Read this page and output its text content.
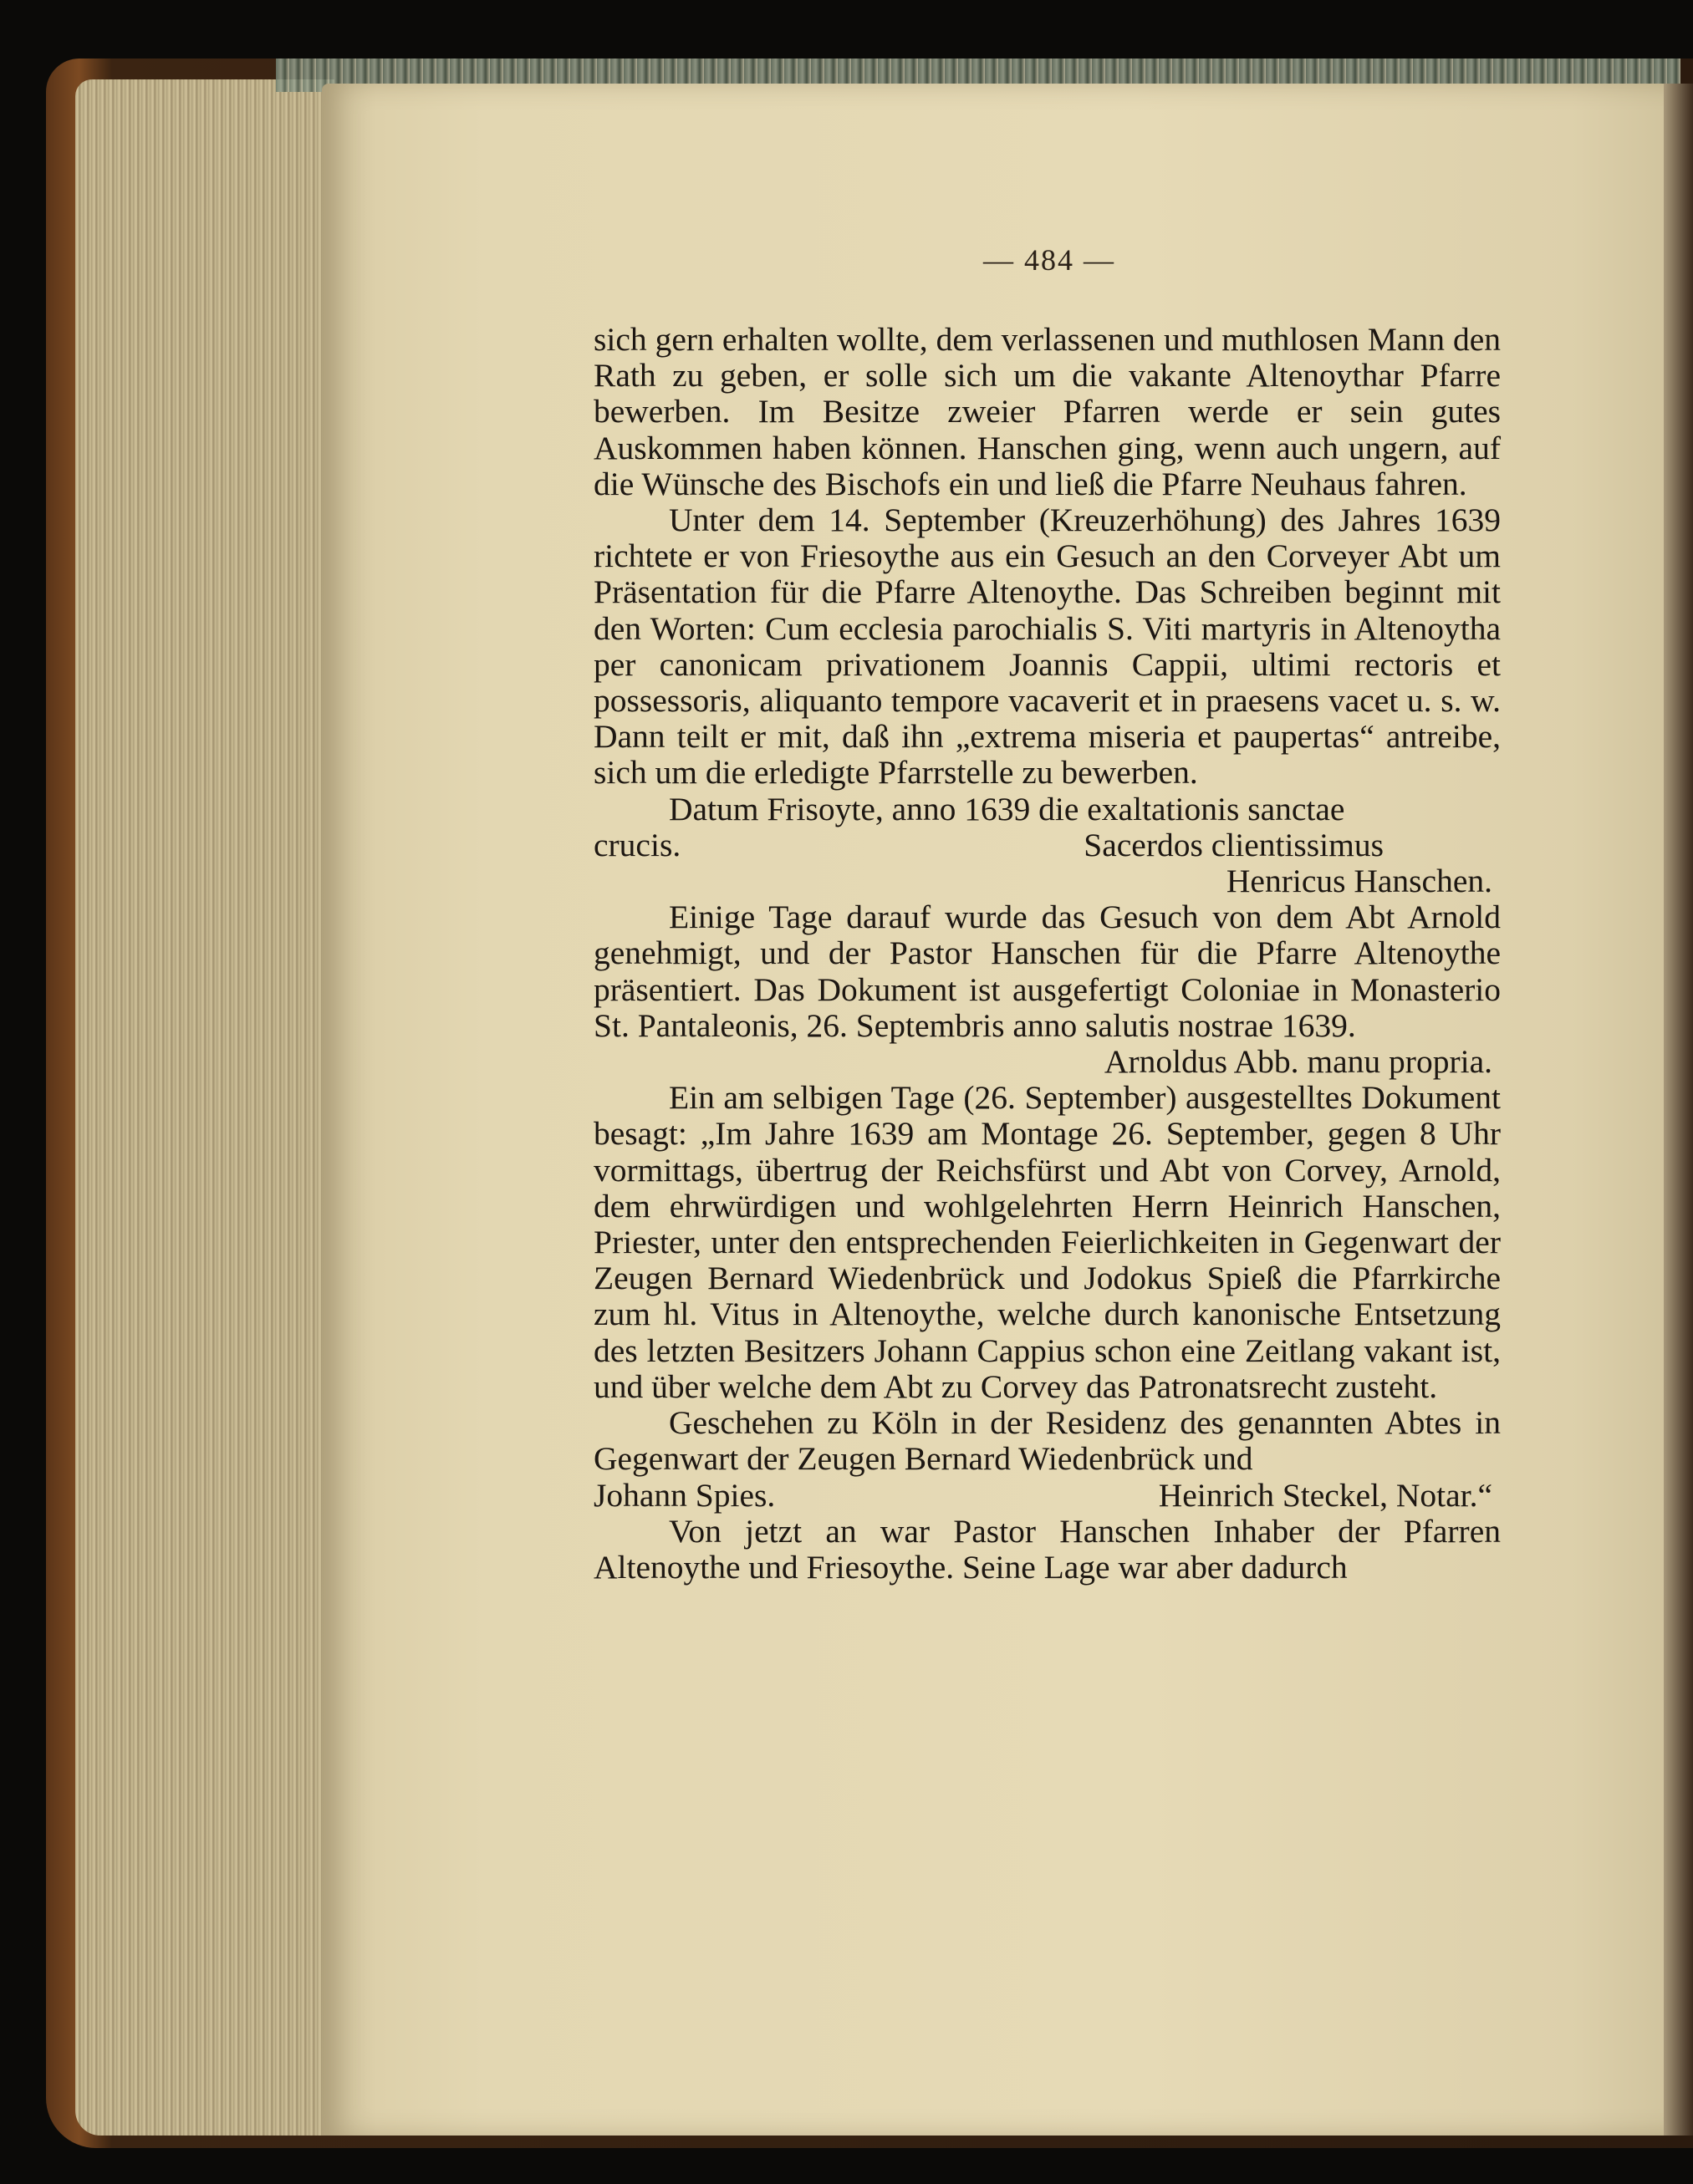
— 484 —

sich gern erhalten wollte, dem verlassenen und muthlosen Mann den Rath zu geben, er solle sich um die vakante Altenoythar Pfarre bewerben. Im Besitze zweier Pfarren werde er sein gutes Auskommen haben können. Hanschen ging, wenn auch ungern, auf die Wünsche des Bischofs ein und ließ die Pfarre Neuhaus fahren.

Unter dem 14. September (Kreuzerhöhung) des Jahres 1639 richtete er von Friesoythe aus ein Gesuch an den Corveyer Abt um Präsentation für die Pfarre Altenoythe. Das Schreiben beginnt mit den Worten: Cum ecclesia parochialis S. Viti martyris in Altenoytha per canonicam privationem Joannis Cappii, ultimi rectoris et possessoris, aliquanto tempore vacaverit et in praesens vacet u. s. w. Dann teilt er mit, daß ihn „extrema miseria et paupertas“ antreibe, sich um die erledigte Pfarrstelle zu bewerben.

Datum Frisoyte, anno 1639 die exaltationis sanctae

crucis.	Sacerdos clientissimus

Henricus Hanschen.

Einige Tage darauf wurde das Gesuch von dem Abt Arnold genehmigt, und der Pastor Hanschen für die Pfarre Altenoythe präsentiert. Das Dokument ist ausgefertigt Coloniae in Monasterio St. Pantaleonis, 26. Septembris anno salutis nostrae 1639.

Arnoldus Abb. manu propria.

Ein am selbigen Tage (26. September) ausgestelltes Dokument besagt: „Im Jahre 1639 am Montage 26. September, gegen 8 Uhr vormittags, übertrug der Reichsfürst und Abt von Corvey, Arnold, dem ehrwürdigen und wohlgelehrten Herrn Heinrich Hanschen, Priester, unter den entsprechenden Feierlichkeiten in Gegenwart der Zeugen Bernard Wiedenbrück und Jodokus Spieß die Pfarrkirche zum hl. Vitus in Altenoythe, welche durch kanonische Entsetzung des letzten Besitzers Johann Cappius schon eine Zeitlang vakant ist, und über welche dem Abt zu Corvey das Patronatsrecht zusteht.

Geschehen zu Köln in der Residenz des genannten Abtes in Gegenwart der Zeugen Bernard Wiedenbrück und

Johann Spies.	Heinrich Steckel, Notar.“

Von jetzt an war Pastor Hanschen Inhaber der Pfarren Altenoythe und Friesoythe. Seine Lage war aber dadurch
